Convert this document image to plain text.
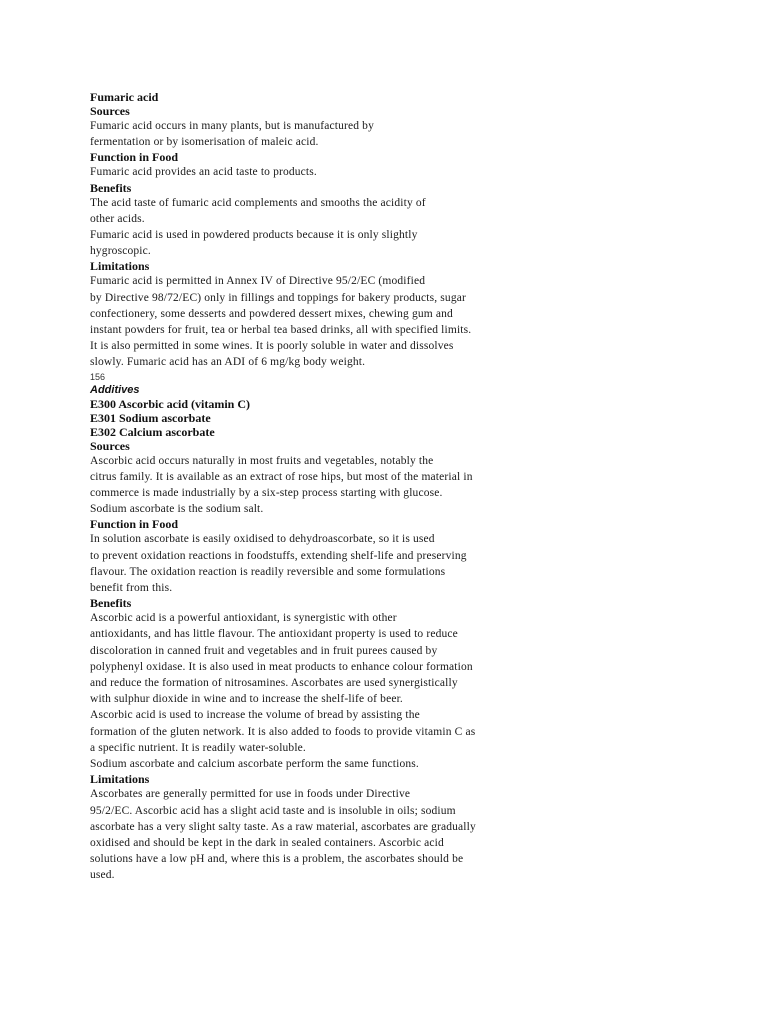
Fumaric acid
Sources
Fumaric acid occurs in many plants, but is manufactured by
fermentation or by isomerisation of maleic acid.
Function in Food
Fumaric acid provides an acid taste to products.
Benefits
The acid taste of fumaric acid complements and smooths the acidity of
other acids.
Fumaric acid is used in powdered products because it is only slightly
hygroscopic.
Limitations
Fumaric acid is permitted in Annex IV of Directive 95/2/EC (modified
by Directive 98/72/EC) only in fillings and toppings for bakery products, sugar
confectionery, some desserts and powdered dessert mixes, chewing gum and
instant powders for fruit, tea or herbal tea based drinks, all with specified limits.
It is also permitted in some wines. It is poorly soluble in water and dissolves
slowly. Fumaric acid has an ADI of 6 mg/kg body weight.
156
Additives
E300 Ascorbic acid (vitamin C)
E301 Sodium ascorbate
E302 Calcium ascorbate
Sources
Ascorbic acid occurs naturally in most fruits and vegetables, notably the
citrus family. It is available as an extract of rose hips, but most of the material in
commerce is made industrially by a six-step process starting with glucose.
Sodium ascorbate is the sodium salt.
Function in Food
In solution ascorbate is easily oxidised to dehydroascorbate, so it is used
to prevent oxidation reactions in foodstuffs, extending shelf-life and preserving
flavour. The oxidation reaction is readily reversible and some formulations
benefit from this.
Benefits
Ascorbic acid is a powerful antioxidant, is synergistic with other
antioxidants, and has little flavour. The antioxidant property is used to reduce
discoloration in canned fruit and vegetables and in fruit purees caused by
polyphenyl oxidase. It is also used in meat products to enhance colour formation
and reduce the formation of nitrosamines. Ascorbates are used synergistically
with sulphur dioxide in wine and to increase the shelf-life of beer.
Ascorbic acid is used to increase the volume of bread by assisting the
formation of the gluten network. It is also added to foods to provide vitamin C as
a specific nutrient. It is readily water-soluble.
Sodium ascorbate and calcium ascorbate perform the same functions.
Limitations
Ascorbates are generally permitted for use in foods under Directive
95/2/EC. Ascorbic acid has a slight acid taste and is insoluble in oils; sodium
ascorbate has a very slight salty taste. As a raw material, ascorbates are gradually
oxidised and should be kept in the dark in sealed containers. Ascorbic acid
solutions have a low pH and, where this is a problem, the ascorbates should be
used.
